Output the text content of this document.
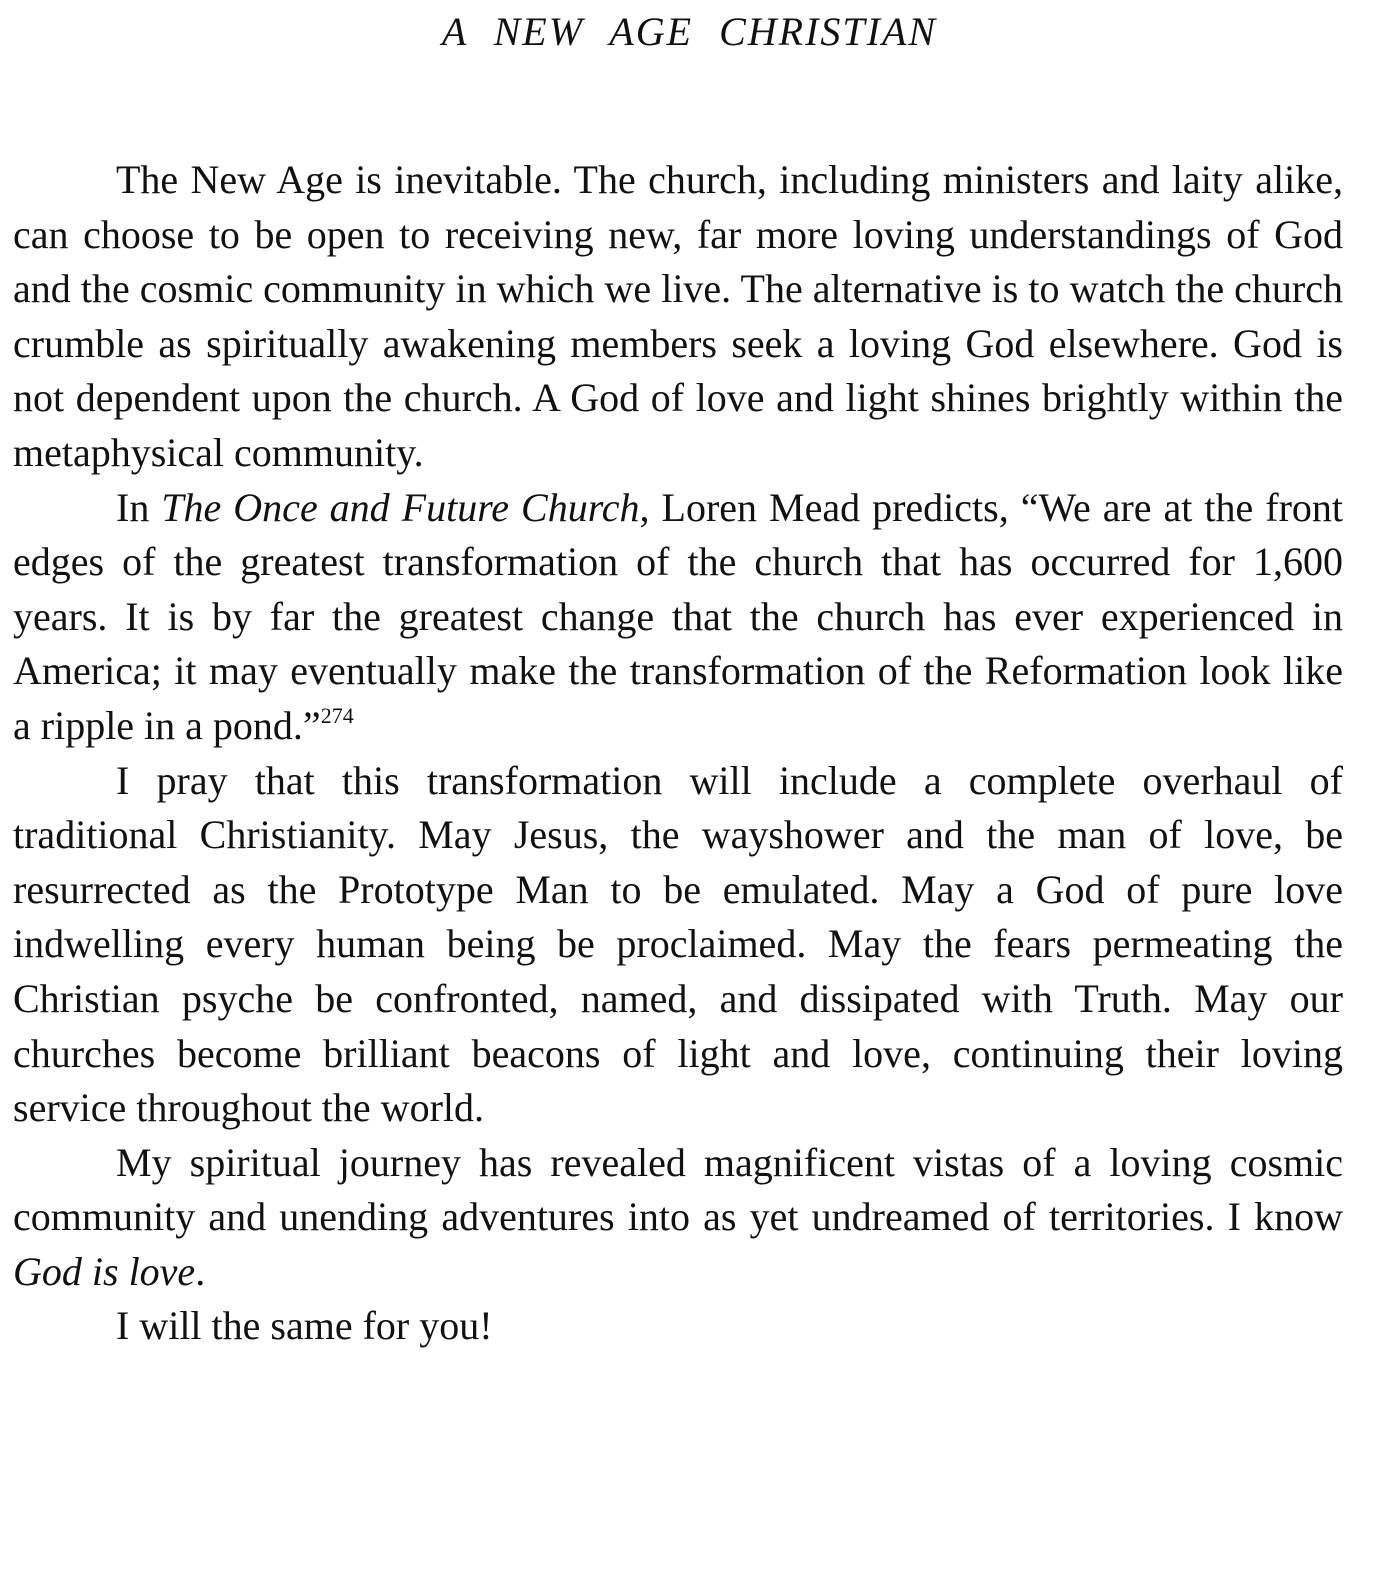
A NEW AGE CHRISTIAN

The New Age is inevitable. The church, including ministers and laity alike, can choose to be open to receiving new, far more loving understandings of God and the cosmic community in which we live. The alternative is to watch the church crumble as spiritually awakening members seek a loving God elsewhere. God is not dependent upon the church. A God of love and light shines brightly within the metaphysical community.

In The Once and Future Church, Loren Mead predicts, “We are at the front edges of the greatest transformation of the church that has occurred for 1,600 years. It is by far the greatest change that the church has ever experienced in America; it may eventually make the transformation of the Reformation look like a ripple in a pond.”$^{274}$

I pray that this transformation will include a complete overhaul of traditional Christianity. May Jesus, the wayshower and the man of love, be resurrected as the Prototype Man to be emulated. May a God of pure love indwelling every human being be proclaimed. May the fears permeating the Christian psyche be confronted, named, and dissipated with Truth. May our churches become brilliant beacons of light and love, continuing their loving service throughout the world.

My spiritual journey has revealed magnificent vistas of a loving cosmic community and unending adventures into as yet undreamed of territories. I know God is love.

I will the same for you!
